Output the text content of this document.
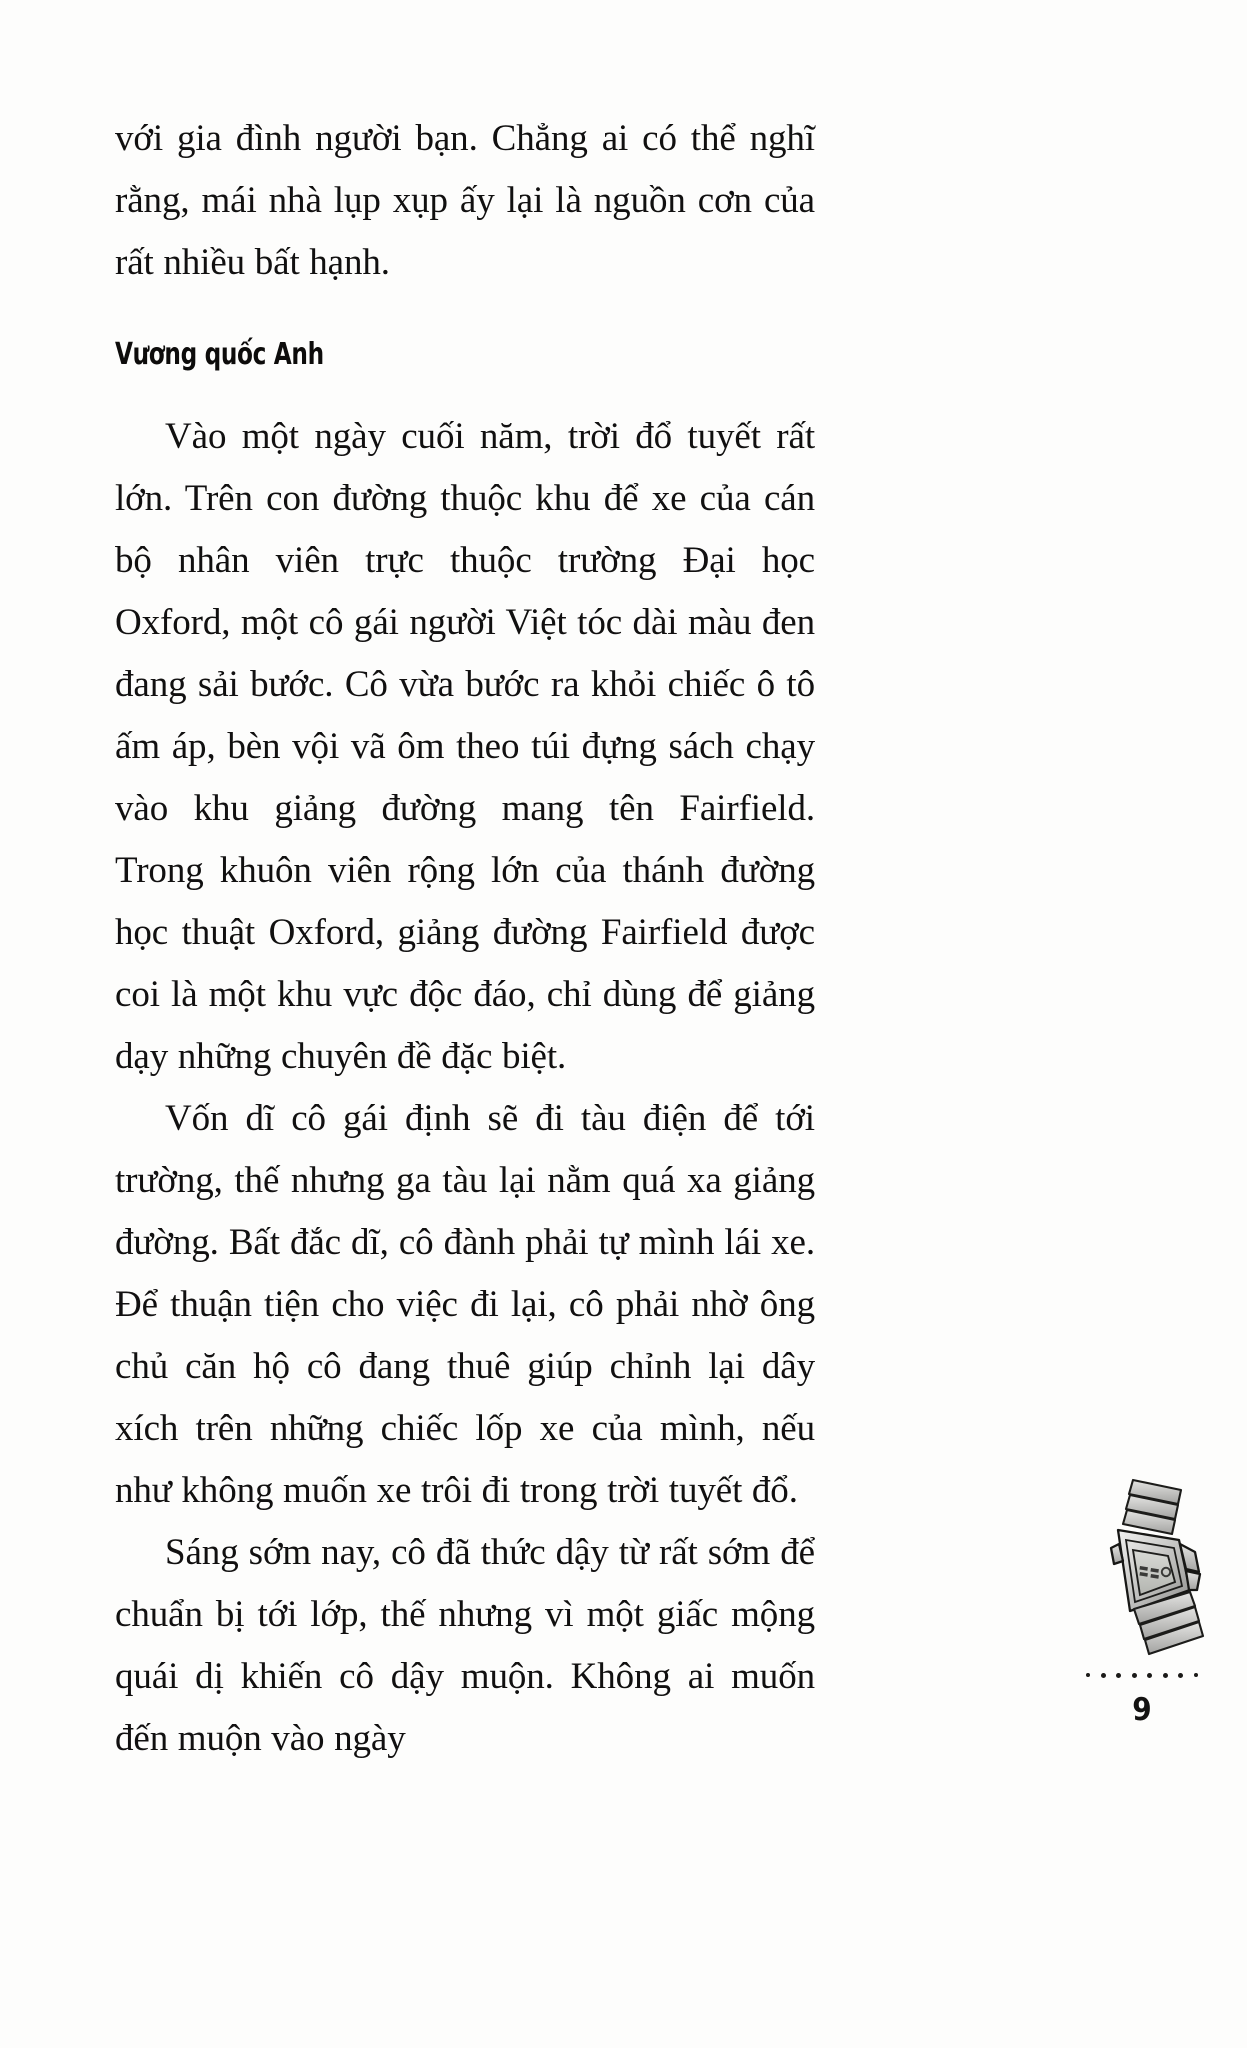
với gia đình người bạn. Chẳng ai có thể nghĩ rằng, mái nhà lụp xụp ấy lại là nguồn cơn của rất nhiều bất hạnh.

Vương quốc Anh

Vào một ngày cuối năm, trời đổ tuyết rất lớn. Trên con đường thuộc khu để xe của cán bộ nhân viên trực thuộc trường Đại học Oxford, một cô gái người Việt tóc dài màu đen đang sải bước. Cô vừa bước ra khỏi chiếc ô tô ấm áp, bèn vội vã ôm theo túi đựng sách chạy vào khu giảng đường mang tên Fairfield. Trong khuôn viên rộng lớn của thánh đường học thuật Oxford, giảng đường Fairfield được coi là một khu vực độc đáo, chỉ dùng để giảng dạy những chuyên đề đặc biệt.

Vốn dĩ cô gái định sẽ đi tàu điện để tới trường, thế nhưng ga tàu lại nằm quá xa giảng đường. Bất đắc dĩ, cô đành phải tự mình lái xe. Để thuận tiện cho việc đi lại, cô phải nhờ ông chủ căn hộ cô đang thuê giúp chỉnh lại dây xích trên những chiếc lốp xe của mình, nếu như không muốn xe trôi đi trong trời tuyết đổ.

Sáng sớm nay, cô đã thức dậy từ rất sớm để chuẩn bị tới lớp, thế nhưng vì một giấc mộng quái dị khiến cô dậy muộn. Không ai muốn đến muộn vào ngày

9
